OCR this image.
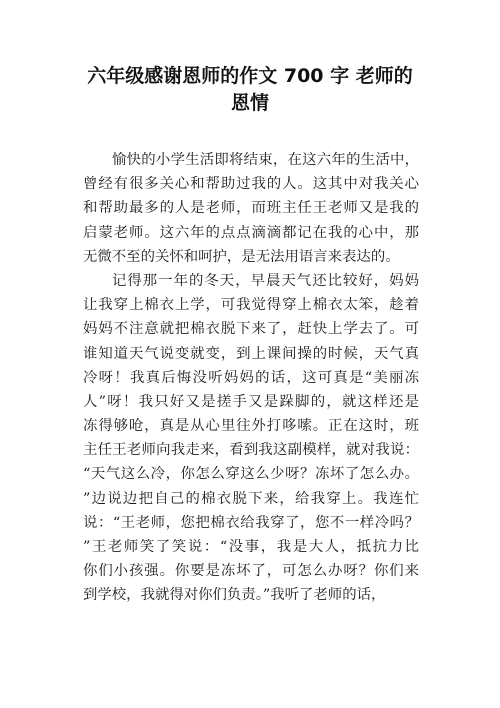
六年级感谢恩师的作文 700 字 老师的
恩情
愉快的小学生活即将结束，在这六年的生活中，
曾经有很多关心和帮助过我的人。这其中对我关心
和帮助最多的人是老师，而班主任王老师又是我的
启蒙老师。这六年的点点滴滴都记在我的心中，那
无微不至的关怀和呵护，是无法用语言来表达的。
记得那一年的冬天，早晨天气还比较好，妈妈
让我穿上棉衣上学，可我觉得穿上棉衣太笨，趁着
妈妈不注意就把棉衣脱下来了，赶快上学去了。可
谁知道天气说变就变，到上课间操的时候，天气真
冷呀！我真后悔没听妈妈的话，这可真是“美丽冻
人”呀！我只好又是搓手又是跺脚的，就这样还是
冻得够呛，真是从心里往外打哆嗦。正在这时，班
主任王老师向我走来，看到我这副模样，就对我说：
“天气这么冷，你怎么穿这么少呀？冻坏了怎么办。
”边说边把自己的棉衣脱下来，给我穿上。我连忙
说：“王老师，您把棉衣给我穿了，您不一样冷吗？
”王老师笑了笑说：“没事，我是大人，抵抗力比
你们小孩强。你要是冻坏了，可怎么办呀？你们来
到学校，我就得对你们负责。”我听了老师的话，
